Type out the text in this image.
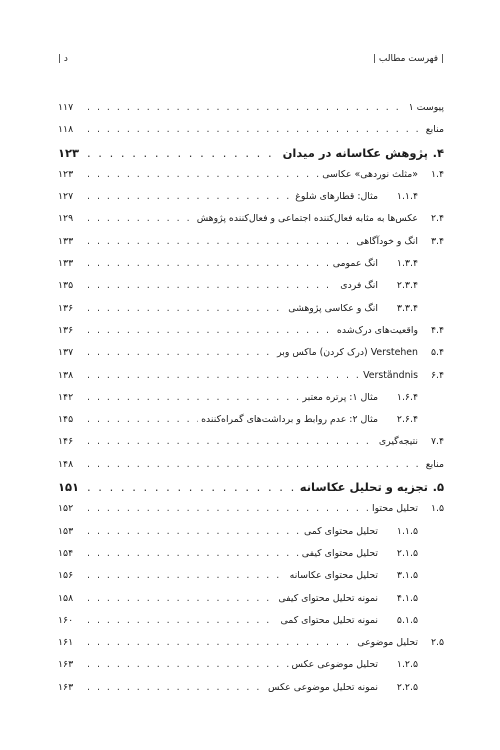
| فهرست مطالب |
د |
پیوست ۱
. . .
۱۱۷
منابع
. . .
۱۱۸
۴.
پژوهش عکاسانه در میدان
. . .
۱۲۳
۱.۴
«مثلث نوردهی» عکاسی
. . .
۱۲۳
۱.۱.۴
مثال: قطارهای شلوغ
. . .
۱۲۷
۲.۴
عکس‌ها به مثابه فعال‌کننده اجتماعی و فعال‌کننده پژوهش
. . .
۱۲۹
۳.۴
انگ و خودآگاهی
. . .
۱۳۳
۱.۳.۴
انگ عمومی
. . .
۱۳۳
۲.۳.۴
انگ فردی
. . .
۱۳۵
۳.۳.۴
انگ و عکاسی پژوهشی
. . .
۱۳۶
۴.۴
واقعیت‌های درک‌شده
. . .
۱۳۶
۵.۴
Verstehen (درک کردن) ماکس وبر
. . .
۱۳۷
۶.۴
Verständnis
. . .
۱۳۸
۱.۶.۴
مثال ۱: پرتره معتبر
. . .
۱۴۲
۲.۶.۴
مثال ۲: عدم روابط و برداشت‌های گمراه‌کننده
. . .
۱۴۵
۷.۴
نتیجه‌گیری
. . .
۱۴۶
منابع
. . .
۱۴۸
۵.
تجزیه و تحلیل عکاسانه
. . .
۱۵۱
۱.۵
تحلیل محتوا
. . .
۱۵۲
۱.۱.۵
تحلیل محتوای کمی
. . .
۱۵۳
۲.۱.۵
تحلیل محتوای کیفی
. . .
۱۵۴
۳.۱.۵
تحلیل محتوای عکاسانه
. . .
۱۵۶
۴.۱.۵
نمونه تحلیل محتوای کیفی
. . .
۱۵۸
۵.۱.۵
نمونه تحلیل محتوای کمی
. . .
۱۶۰
۲.۵
تحلیل موضوعی
. . .
۱۶۱
۱.۲.۵
تحلیل موضوعی عکس
. . .
۱۶۳
۲.۲.۵
نمونه تحلیل موضوعی عکس
. . .
۱۶۳
